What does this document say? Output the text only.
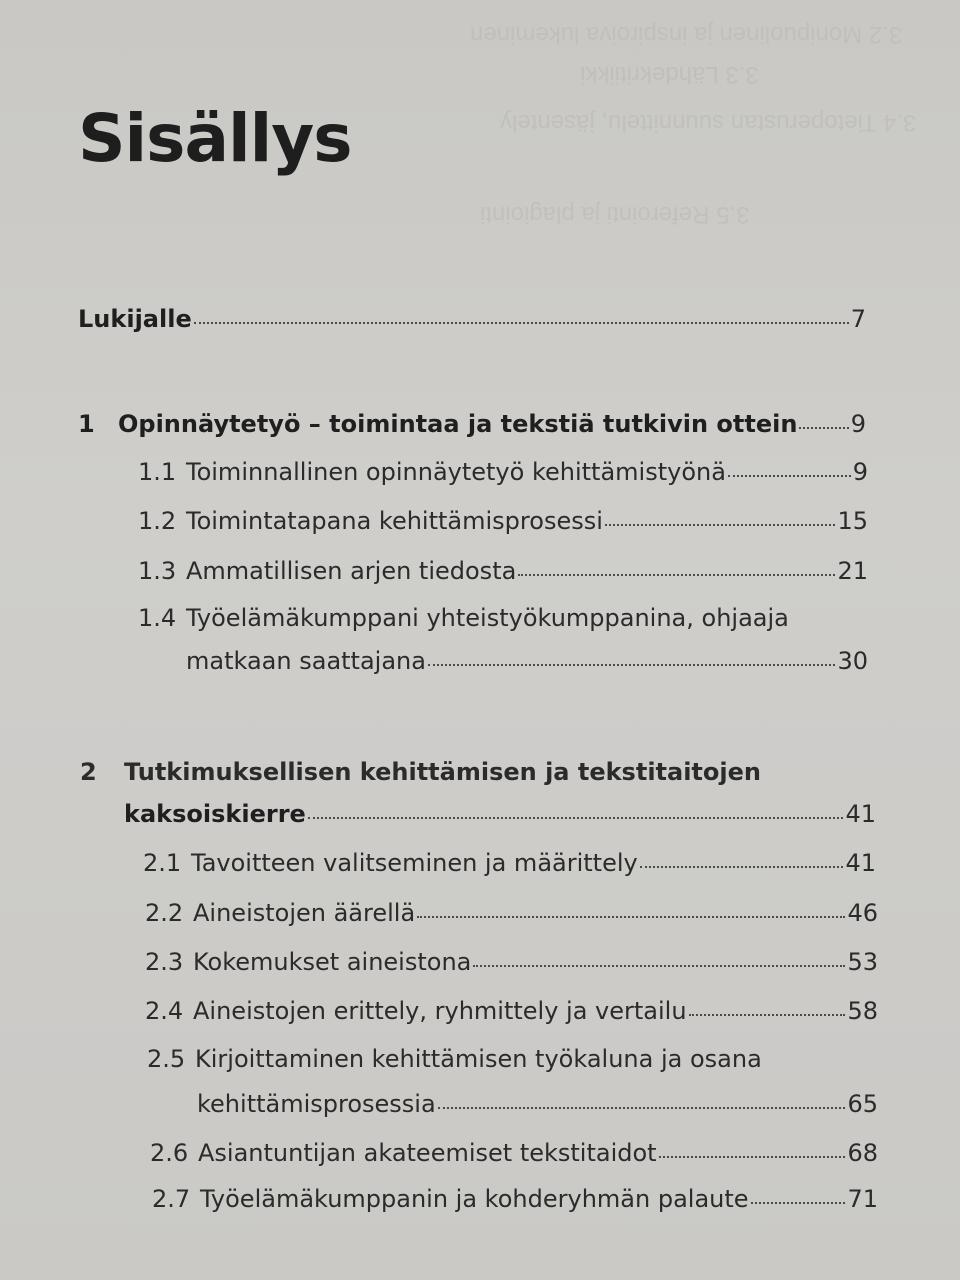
3.2 Monipuolinen ja inspiroiva lukeminen
3.3 Lähdekritiikki
3.4 Tietoperustan suunnittelu, jäsentely
3.5 Referointi ja plagiointi
Sisällys
Lukijalle	7
1 Opinnäytetyö – toimintaa ja tekstiä tutkivin ottein 9
1.1 Toiminnallinen opinnäytetyö kehittämistyönä	9
1.2 Toimintatapana kehittämisprosessi	15
1.3 Ammatillisen arjen tiedosta	21
1.4 Työelämäkumppani yhteistyökumppanina, ohjaaja
matkaan saattajana	30
2 Tutkimuksellisen kehittämisen ja tekstitaitojen
kaksoiskierre	41
2.1 Tavoitteen valitseminen ja määrittely	41
2.2 Aineistojen äärellä	46
2.3 Kokemukset aineistona	53
2.4 Aineistojen erittely, ryhmittely ja vertailu	58
2.5 Kirjoittaminen kehittämisen työkaluna ja osana
kehittämisprosessia	65
2.6 Asiantuntijan akateemiset tekstitaidot	68
2.7 Työelämäkumppanin ja kohderyhmän palaute	71
